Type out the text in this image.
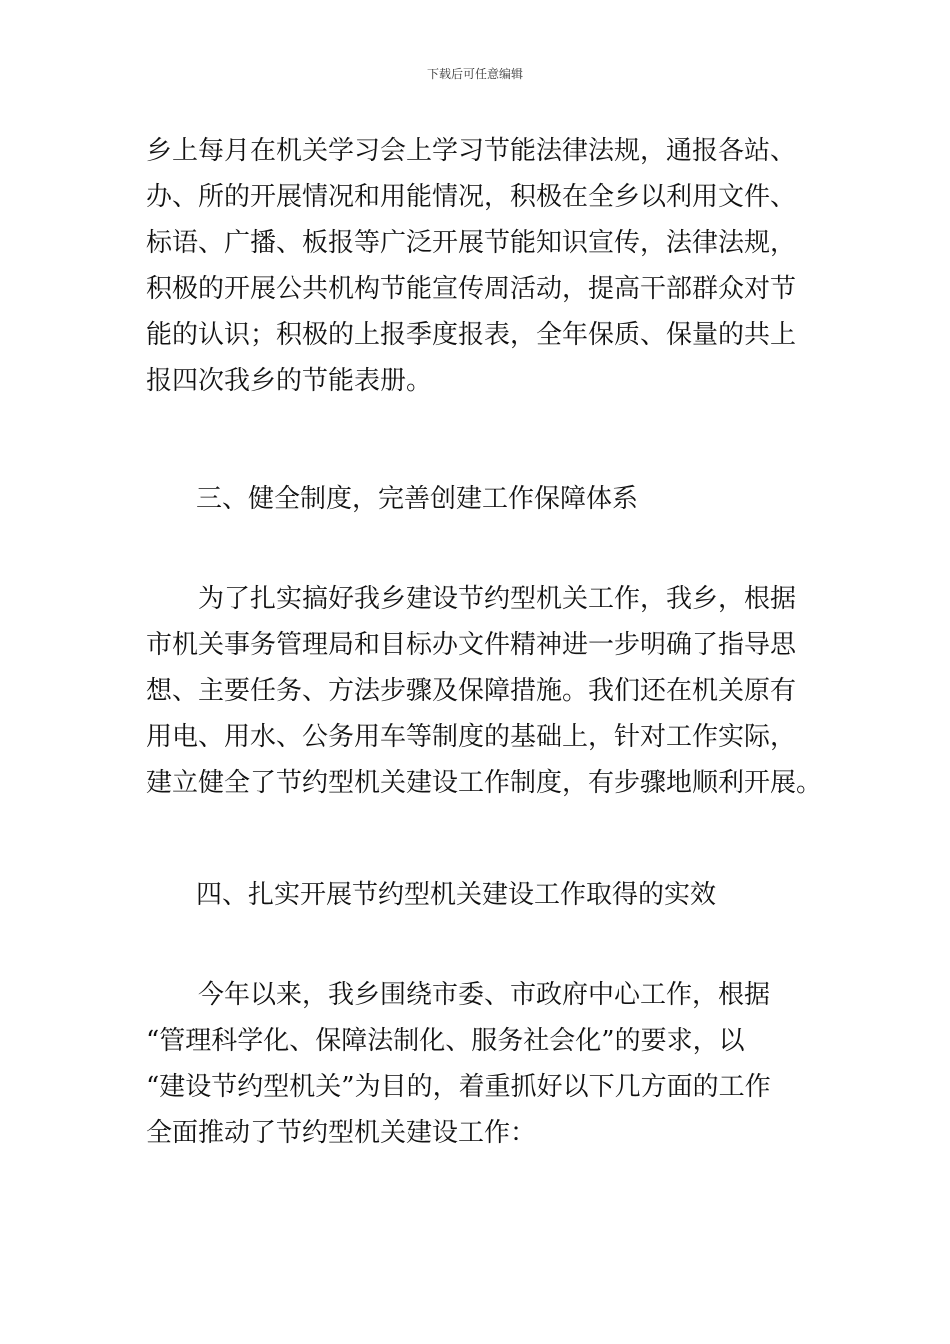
下载后可任意编辑
乡上每月在机关学习会上学习节能法律法规，通报各站、
办、所的开展情况和用能情况，积极在全乡以利用文件、
标语、广播、板报等广泛开展节能知识宣传，法律法规，
积极的开展公共机构节能宣传周活动，提高干部群众对节
能的认识；积极的上报季度报表，全年保质、保量的共上
报四次我乡的节能表册。
三、健全制度，完善创建工作保障体系
为了扎实搞好我乡建设节约型机关工作，我乡，根据
市机关事务管理局和目标办文件精神进一步明确了指导思
想、主要任务、方法步骤及保障措施。我们还在机关原有
用电、用水、公务用车等制度的基础上，针对工作实际，
建立健全了节约型机关建设工作制度，有步骤地顺利开展。
四、扎实开展节约型机关建设工作取得的实效
今年以来，我乡围绕市委、市政府中心工作，根据
“管理科学化、保障法制化、服务社会化”的要求，以
“建设节约型机关”为目的，着重抓好以下几方面的工作
全面推动了节约型机关建设工作：
